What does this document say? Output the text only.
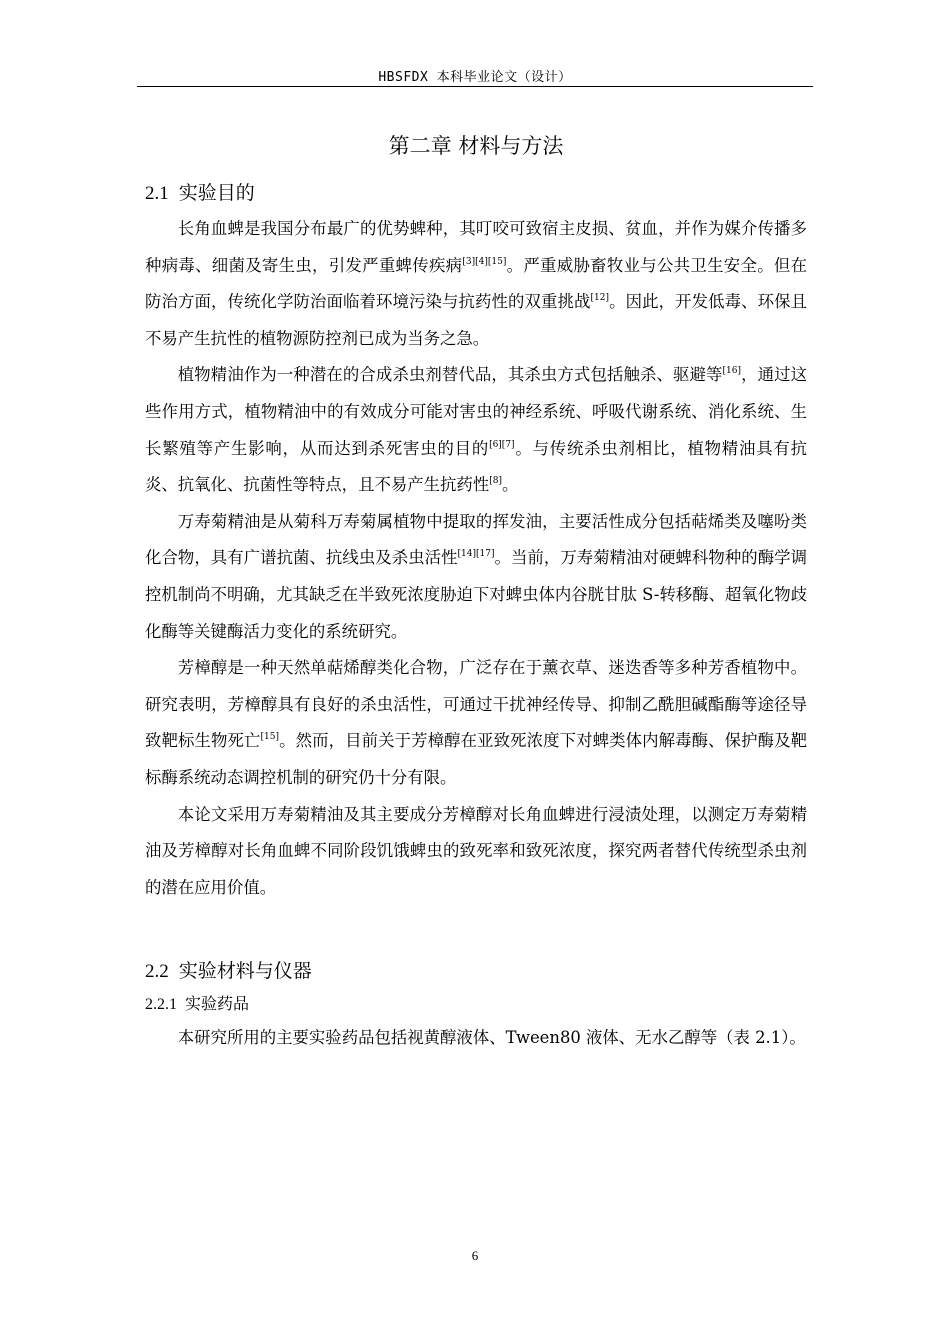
HBSFDX 本科毕业论文（设计）
第二章 材料与方法
2.1 实验目的

长角血蜱是我国分布最广的优势蜱种，其叮咬可致宿主皮损、贫血，并作为媒介传播多种病毒、细菌及寄生虫，引发严重蜱传疾病[3][4][15]。严重威胁畜牧业与公共卫生安全。但在防治方面，传统化学防治面临着环境污染与抗药性的双重挑战[12]。因此，开发低毒、环保且不易产生抗性的植物源防控剂已成为当务之急。

植物精油作为一种潜在的合成杀虫剂替代品，其杀虫方式包括触杀、驱避等[16]，通过这些作用方式，植物精油中的有效成分可能对害虫的神经系统、呼吸代谢系统、消化系统、生长繁殖等产生影响，从而达到杀死害虫的目的[6][7]。与传统杀虫剂相比，植物精油具有抗炎、抗氧化、抗菌性等特点，且不易产生抗药性[8]。

万寿菊精油是从菊科万寿菊属植物中提取的挥发油，主要活性成分包括萜烯类及噻吩类化合物，具有广谱抗菌、抗线虫及杀虫活性[14][17]。当前，万寿菊精油对硬蜱科物种的酶学调控机制尚不明确，尤其缺乏在半致死浓度胁迫下对蜱虫体内谷胱甘肽 S-转移酶、超氧化物歧化酶等关键酶活力变化的系统研究。

芳樟醇是一种天然单萜烯醇类化合物，广泛存在于薰衣草、迷迭香等多种芳香植物中。研究表明，芳樟醇具有良好的杀虫活性，可通过干扰神经传导、抑制乙酰胆碱酯酶等途径导致靶标生物死亡[15]。然而，目前关于芳樟醇在亚致死浓度下对蜱类体内解毒酶、保护酶及靶标酶系统动态调控机制的研究仍十分有限。

本论文采用万寿菊精油及其主要成分芳樟醇对长角血蜱进行浸渍处理，以测定万寿菊精油及芳樟醇对长角血蜱不同阶段饥饿蜱虫的致死率和致死浓度，探究两者替代传统型杀虫剂的潜在应用价值。

2.2 实验材料与仪器
2.2.1 实验药品

本研究所用的主要实验药品包括视黄醇液体、Tween80 液体、无水乙醇等（表 2.1）。

6
